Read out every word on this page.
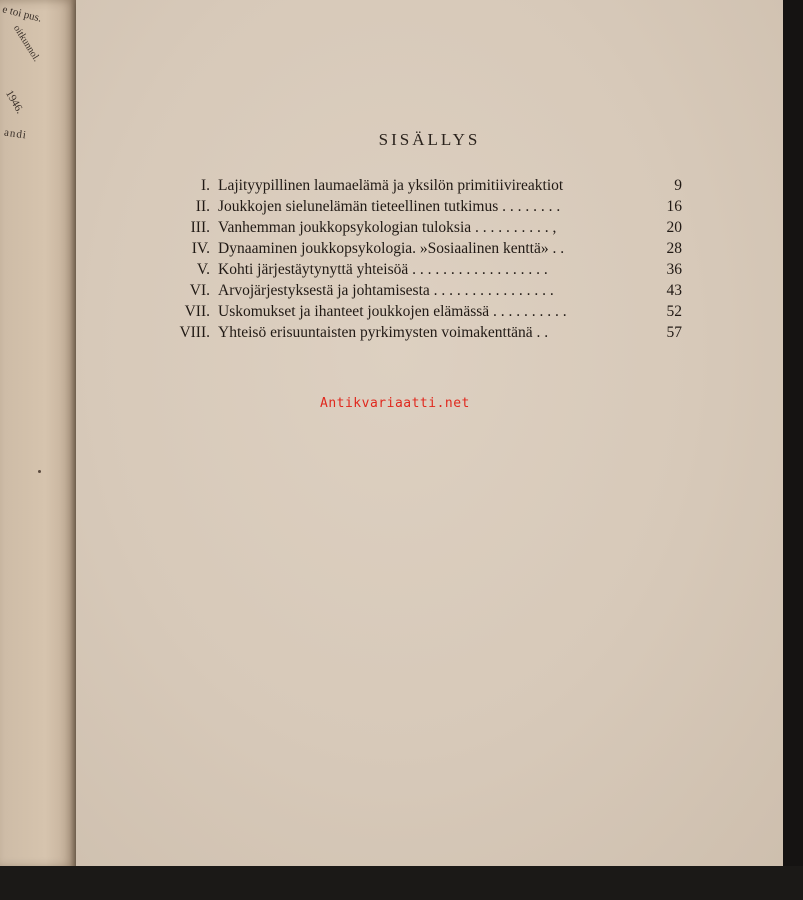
e toi pus.
oitkunnol.
1946.
andi	SISÄLLYS
I. Lajityypillinen laumaelämä ja yksilön primitiivireaktiot	9
II. Joukkojen sielunelämän tieteellinen tutkimus . . . . . . . .	16
III. Vanhemman joukkopsykologian tuloksia . . . . . . . . . . ,	20
IV. Dynaaminen joukkopsykologia. »Sosiaalinen kenttä» . .	28
V. Kohti järjestäytynyttä yhteisöä . . . . . . . . . . . . . . . . . .	36
VI. Arvojärjestyksestä ja johtamisesta . . . . . . . . . . . . . . . .	43
VII. Uskomukset ja ihanteet joukkojen elämässä . . . . . . . . . .	52
VIII. Yhteisö erisuuntaisten pyrkimysten voimakenttänä . .	57
Antikvariaatti.net
